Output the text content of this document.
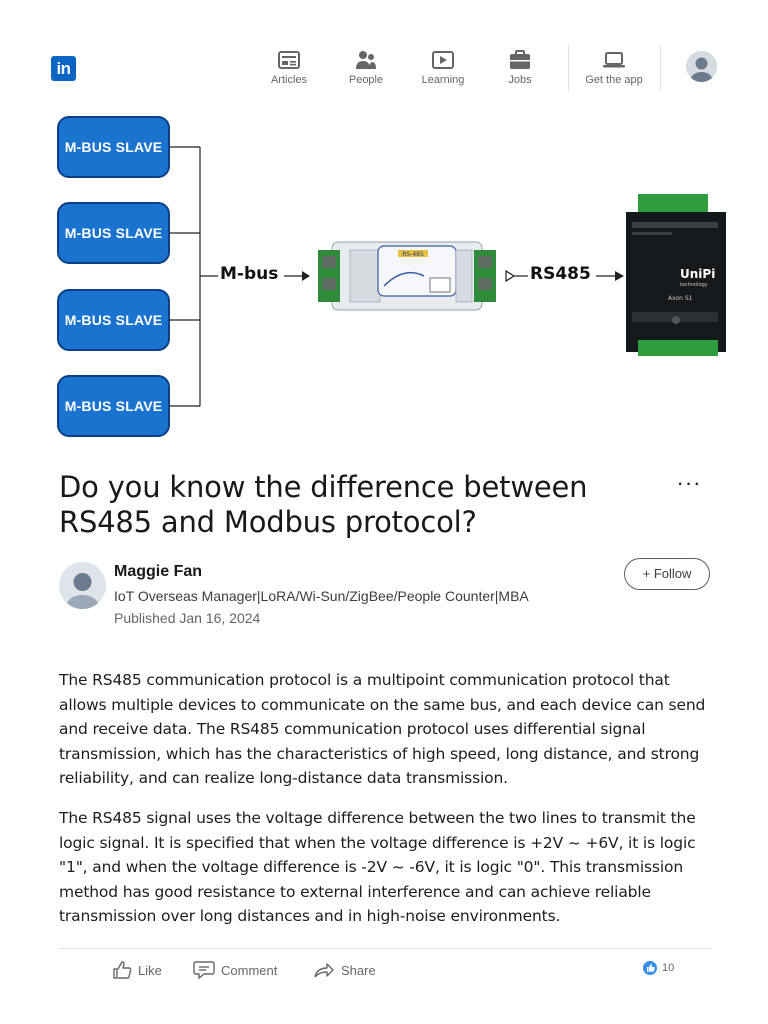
in
Articles	People	Learning	Jobs	Get the app
M-BUS SLAVE
M-BUS SLAVE
M-BUS SLAVE
M-BUS SLAVE
M-bus	RS485
RS-485
UniPi
technology
Axon S1
Do you know the difference between RS485 and Modbus protocol?
···
Maggie Fan
IoT Overseas Manager|LoRA/Wi-Sun/ZigBee/People Counter|MBA
Published Jan 16, 2024
+ Follow

The RS485 communication protocol is a multipoint communication protocol that allows multiple devices to communicate on the same bus, and each device can send and receive data. The RS485 communication protocol uses differential signal transmission, which has the characteristics of high speed, long distance, and strong reliability, and can realize long-distance data transmission.

The RS485 signal uses the voltage difference between the two lines to transmit the logic signal. It is specified that when the voltage difference is +2V ~ +6V, it is logic "1", and when the voltage difference is -2V ~ -6V, it is logic "0". This transmission method has good resistance to external interference and can achieve reliable transmission over long distances and in high-noise environments.

Like	Comment	Share	10
